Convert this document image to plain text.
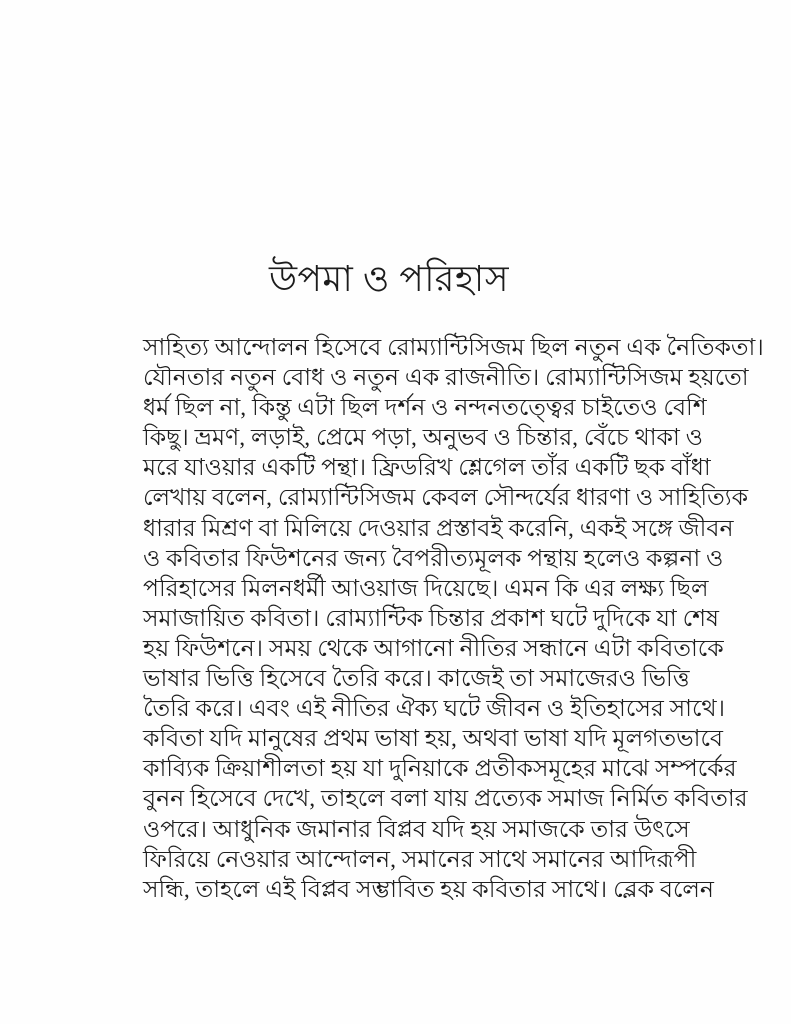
উপমা ও পরিহাস
সাহিত্য আন্দোলন হিসেবে রোম্যান্টিসিজম ছিল নতুন এক নৈতিকতা।
যৌনতার নতুন বোধ ও নতুন এক রাজনীতি। রোম্যান্টিসিজম হয়তো
ধর্ম ছিল না, কিন্তু এটা ছিল দর্শন ও নন্দনতত্ত্বের চাইতেও বেশি
কিছু। ভ্রমণ, লড়াই, প্রেমে পড়া, অনুভব ও চিন্তার, বেঁচে থাকা ও
মরে যাওয়ার একটি পন্থা। ফ্রিডরিখ শ্লেগেল তাঁর একটি ছক বাঁধা
লেখায় বলেন, রোম্যান্টিসিজম কেবল সৌন্দর্যের ধারণা ও সাহিত্যিক
ধারার মিশ্রণ বা মিলিয়ে দেওয়ার প্রস্তাবই করেনি, একই সঙ্গে জীবন
ও কবিতার ফিউশনের জন্য বৈপরীত্যমূলক পন্থায় হলেও কল্পনা ও
পরিহাসের মিলনধর্মী আওয়াজ দিয়েছে। এমন কি এর লক্ষ্য ছিল
সমাজায়িত কবিতা। রোম্যান্টিক চিন্তার প্রকাশ ঘটে দুদিকে যা শেষ
হয় ফিউশনে। সময় থেকে আগানো নীতির সন্ধানে এটা কবিতাকে
ভাষার ভিত্তি হিসেবে তৈরি করে। কাজেই তা সমাজেরও ভিত্তি
তৈরি করে। এবং এই নীতির ঐক্য ঘটে জীবন ও ইতিহাসের সাথে।
কবিতা যদি মানুষের প্রথম ভাষা হয়, অথবা ভাষা যদি মূলগতভাবে
কাব্যিক ক্রিয়াশীলতা হয় যা দুনিয়াকে প্রতীকসমূহের মাঝে সম্পর্কের
বুনন হিসেবে দেখে, তাহলে বলা যায় প্রত্যেক সমাজ নির্মিত কবিতার
ওপরে। আধুনিক জমানার বিপ্লব যদি হয় সমাজকে তার উৎসে
ফিরিয়ে নেওয়ার আন্দোলন, সমানের সাথে সমানের আদিরূপী
সন্ধি, তাহলে এই বিপ্লব সম্ভাবিত হয় কবিতার সাথে। ব্লেক বলেন
